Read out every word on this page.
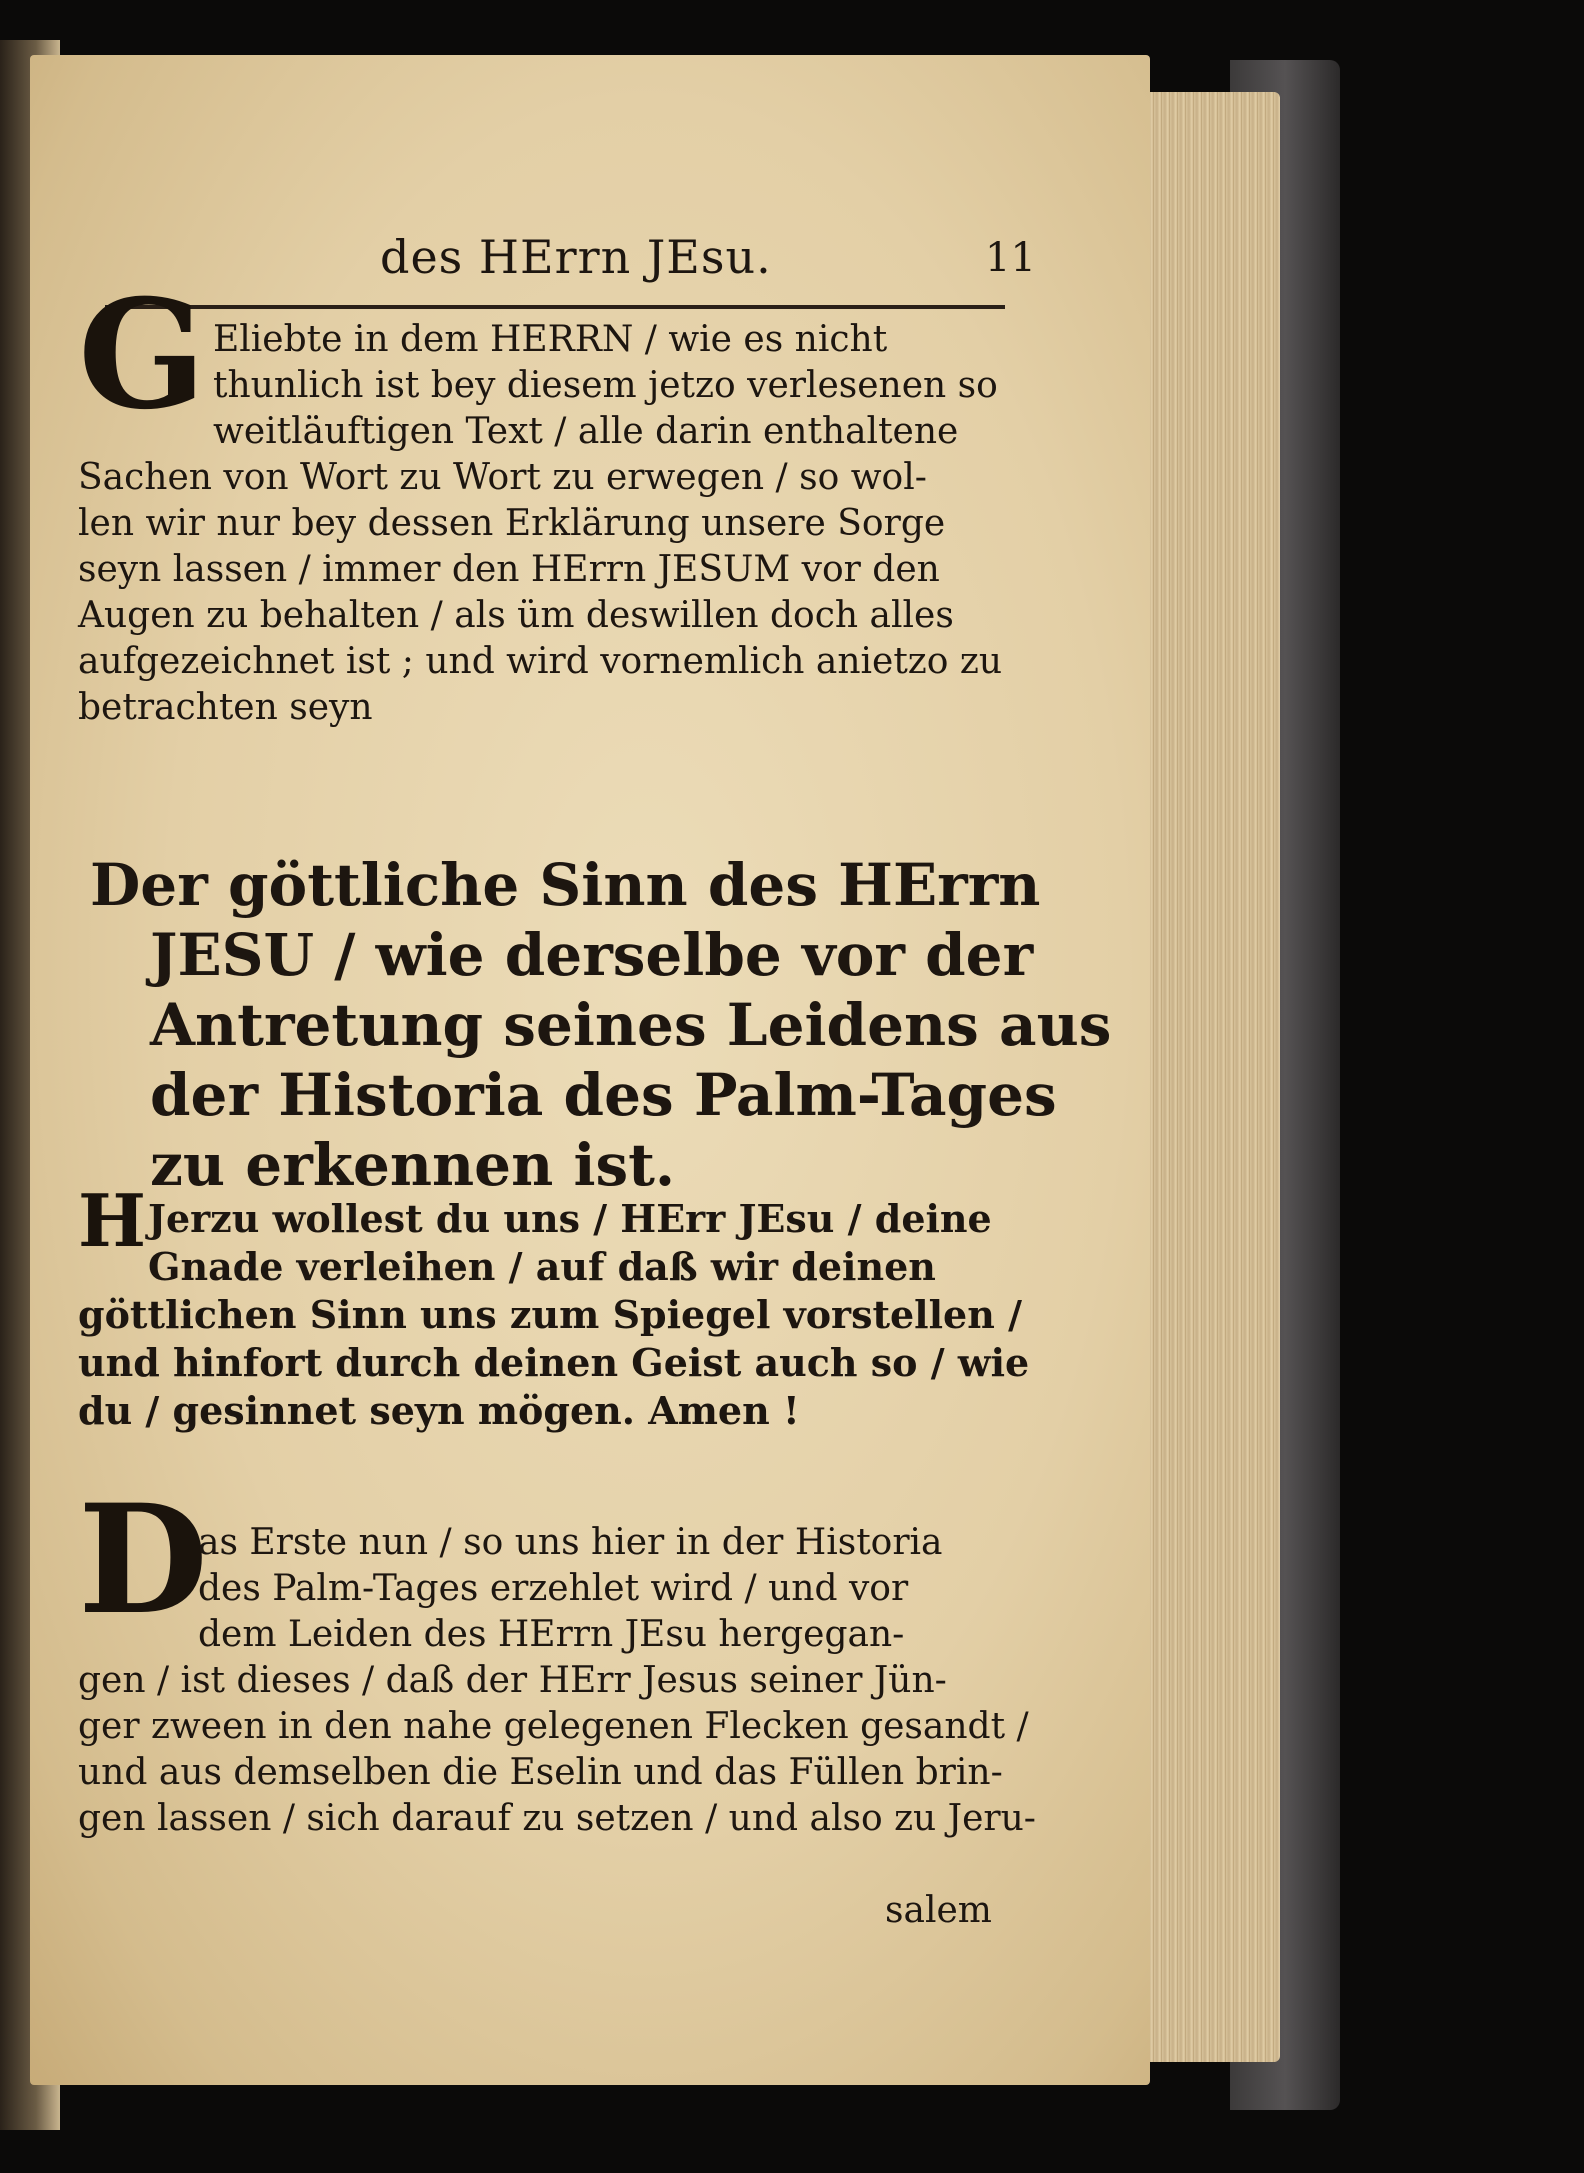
des HErrn JEsu.	11
G Eliebte in dem HERRN / wie es nicht
thunlich ist bey diesem jetzo verlesenen so
weitläuftigen Text / alle darin enthaltene
Sachen von Wort zu Wort zu erwegen / so wol-
len wir nur bey dessen Erklärung unsere Sorge
seyn lassen / immer den HErrn JESUM vor den
Augen zu behalten / als üm deswillen doch alles
aufgezeichnet ist ; und wird vornemlich anietzo zu
betrachten seyn
Der göttliche Sinn des HErrn
JESU / wie derselbe vor der
Antretung seines Leidens aus
der Historia des Palm-Tages
zu erkennen ist.
H Jerzu wollest du uns / HErr JEsu / deine
Gnade verleihen / auf daß wir deinen
göttlichen Sinn uns zum Spiegel vorstellen /
und hinfort durch deinen Geist auch so / wie
du / gesinnet seyn mögen. Amen !
D
as Erste nun / so uns hier in der Historia
des Palm-Tages erzehlet wird / und vor
dem Leiden des HErrn JEsu hergegan-
gen / ist dieses / daß der HErr Jesus seiner Jün-
ger zween in den nahe gelegenen Flecken gesandt /
und aus demselben die Eselin und das Füllen brin-
gen lassen / sich darauf zu setzen / und also zu Jeru-
salem
